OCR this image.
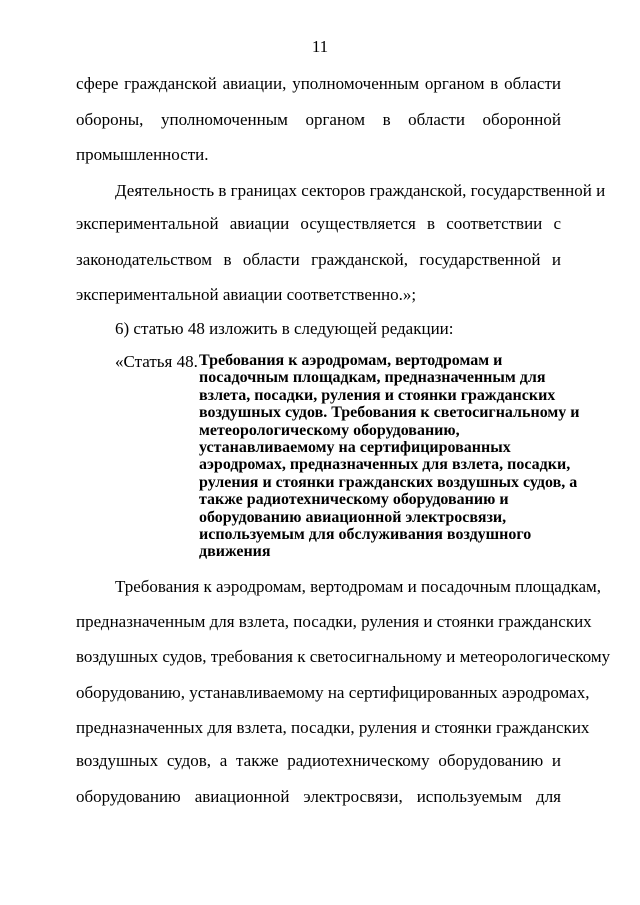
11
сфере гражданской авиации, уполномоченным органом в области
обороны, уполномоченным органом в области оборонной
промышленности.
Деятельность в границах секторов гражданской, государственной и
экспериментальной авиации осуществляется в соответствии с
законодательством в области гражданской, государственной и
экспериментальной авиации соответственно.»;
6) статью 48 изложить в следующей редакции:
«Статья 48. Требования к аэродромам, вертодромам и
посадочным площадкам, предназначенным для
взлета, посадки, руления и стоянки гражданских
воздушных судов. Требования к светосигнальному и
метеорологическому оборудованию,
устанавливаемому на сертифицированных
аэродромах, предназначенных для взлета, посадки,
руления и стоянки гражданских воздушных судов, а
также радиотехническому оборудованию и
оборудованию авиационной электросвязи,
используемым для обслуживания воздушного
движения
Требования к аэродромам, вертодромам и посадочным площадкам,
предназначенным для взлета, посадки, руления и стоянки гражданских
воздушных судов, требования к светосигнальному и метеорологическому
оборудованию, устанавливаемому на сертифицированных аэродромах,
предназначенных для взлета, посадки, руления и стоянки гражданских
воздушных судов, а также радиотехническому оборудованию и
оборудованию авиационной электросвязи, используемым для
